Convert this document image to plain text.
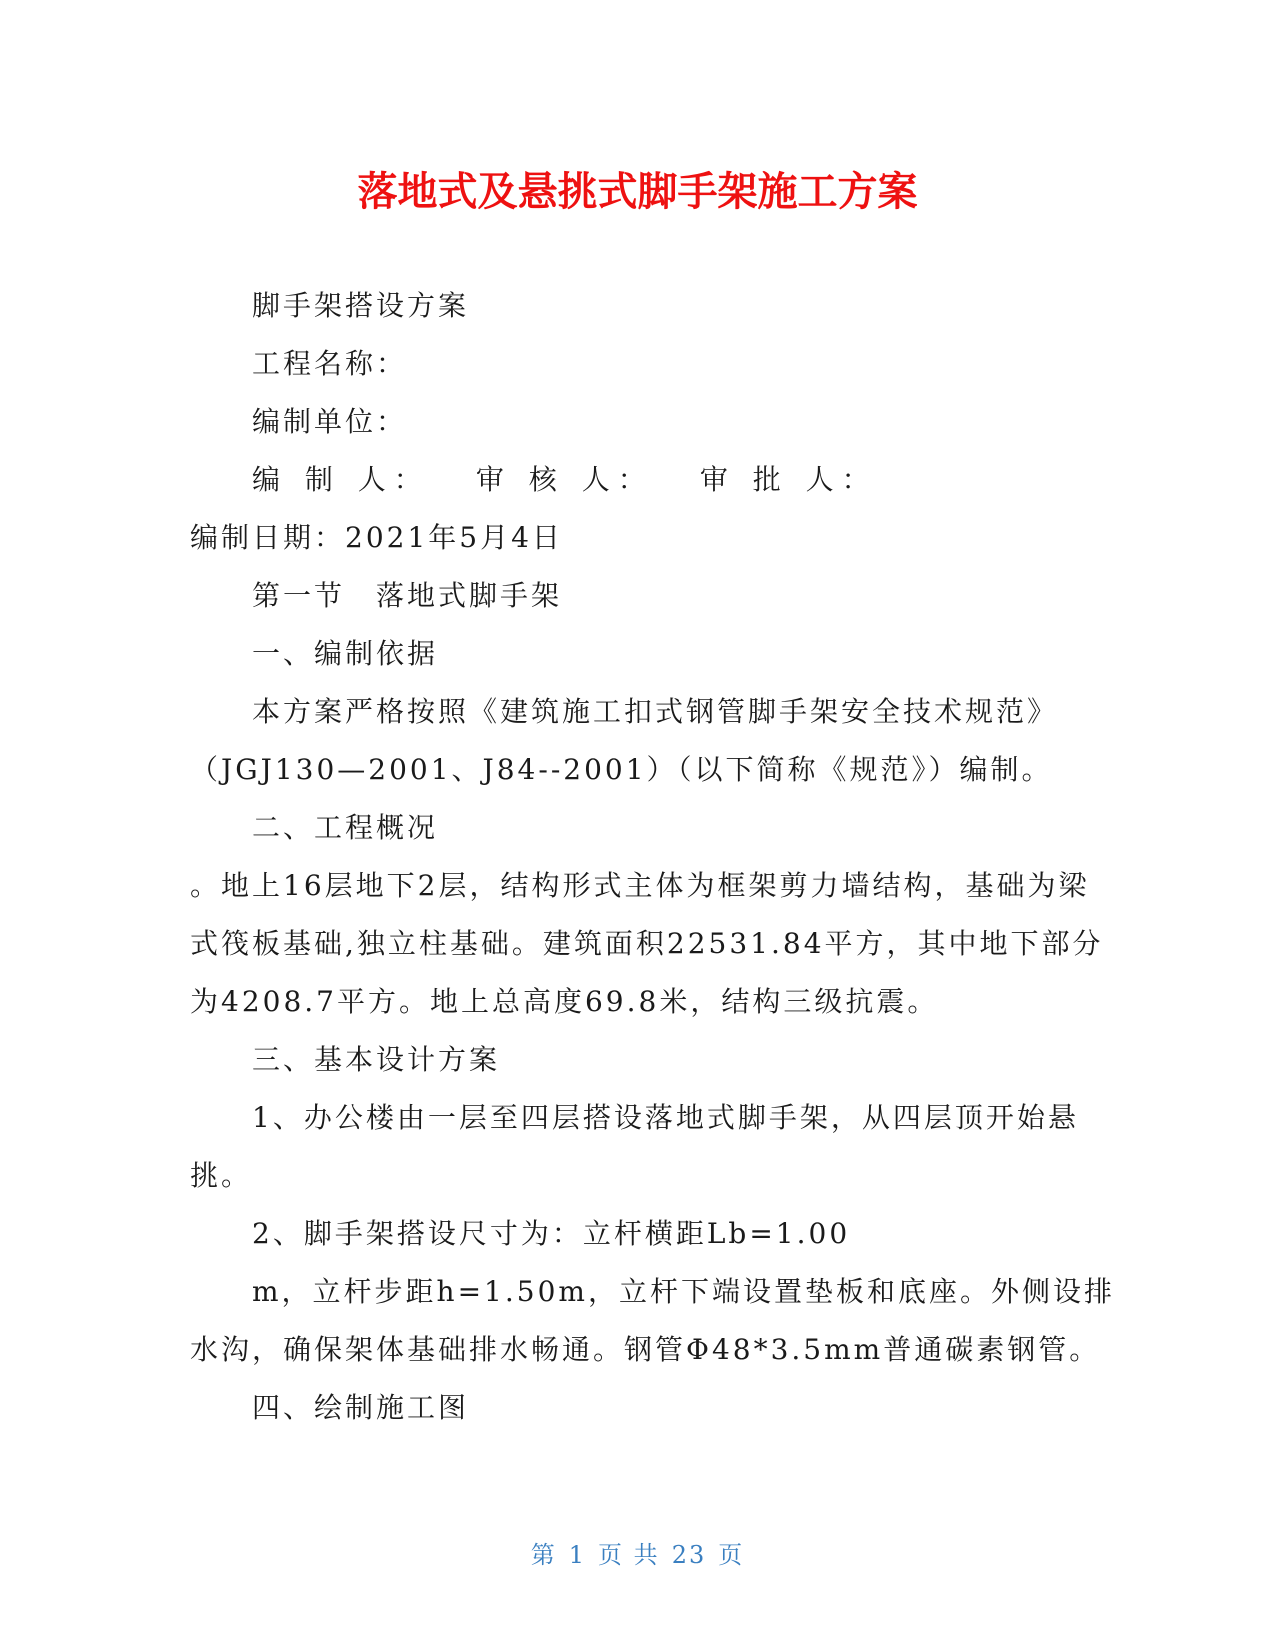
落地式及悬挑式脚手架施工方案
脚手架搭设方案
工程名称：
编制单位：
编 制 人： 审 核 人： 审 批 人：
编制日期：2021年5月4日
第一节　落地式脚手架
一、编制依据
本方案严格按照《建筑施工扣式钢管脚手架安全技术规范》
（JGJ130—2001、J84--2001）（以下简称《规范》）编制。
二、工程概况
。地上16层地下2层，结构形式主体为框架剪力墙结构，基础为梁
式筏板基础,独立柱基础。建筑面积22531.84平方，其中地下部分
为4208.7平方。地上总高度69.8米，结构三级抗震。
三、基本设计方案
1、办公楼由一层至四层搭设落地式脚手架，从四层顶开始悬
挑。
2、脚手架搭设尺寸为：立杆横距Lb=1.00
m，立杆步距h=1.50m，立杆下端设置垫板和底座。外侧设排
水沟，确保架体基础排水畅通。钢管Φ48*3.5mm普通碳素钢管。
四、绘制施工图
第 1 页 共 23 页
